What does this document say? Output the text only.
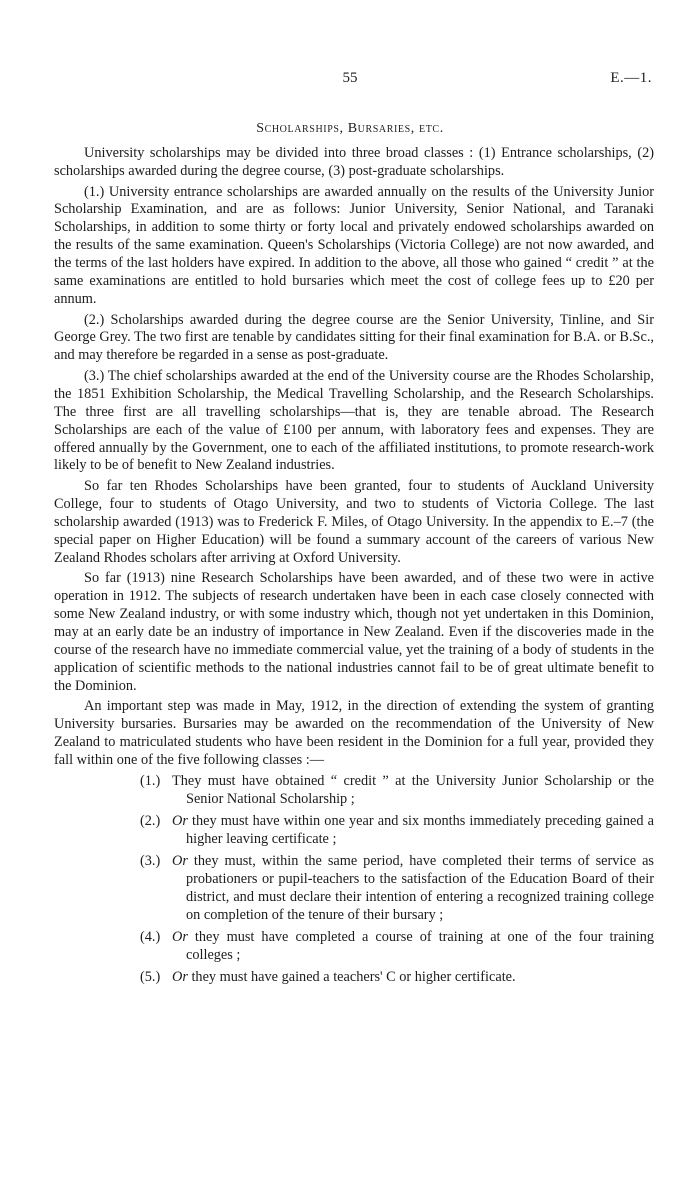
55	E.—1.
Scholarships, Bursaries, etc.

University scholarships may be divided into three broad classes : (1) Entrance scholarships, (2) scholarships awarded during the degree course, (3) post-graduate scholarships.

(1.) University entrance scholarships are awarded annually on the results of the University Junior Scholarship Examination, and are as follows: Junior University, Senior National, and Taranaki Scholarships, in addition to some thirty or forty local and privately endowed scholarships awarded on the results of the same examination. Queen's Scholarships (Victoria College) are not now awarded, and the terms of the last holders have expired. In addition to the above, all those who gained “ credit ” at the same examinations are entitled to hold bursaries which meet the cost of college fees up to £20 per annum.

(2.) Scholarships awarded during the degree course are the Senior University, Tinline, and Sir George Grey. The two first are tenable by candidates sitting for their final examination for B.A. or B.Sc., and may therefore be regarded in a sense as post-graduate.

(3.) The chief scholarships awarded at the end of the University course are the Rhodes Scholarship, the 1851 Exhibition Scholarship, the Medical Travelling Scholarship, and the Research Scholarships. The three first are all travelling scholarships—that is, they are tenable abroad. The Research Scholarships are each of the value of £100 per annum, with laboratory fees and expenses. They are offered annually by the Government, one to each of the affiliated institutions, to promote research-work likely to be of benefit to New Zealand industries.

So far ten Rhodes Scholarships have been granted, four to students of Auckland University College, four to students of Otago University, and two to students of Victoria College. The last scholarship awarded (1913) was to Frederick F. Miles, of Otago University. In the appendix to E.–7 (the special paper on Higher Education) will be found a summary account of the careers of various New Zealand Rhodes scholars after arriving at Oxford University.

So far (1913) nine Research Scholarships have been awarded, and of these two were in active operation in 1912. The subjects of research undertaken have been in each case closely connected with some New Zealand industry, or with some industry which, though not yet undertaken in this Dominion, may at an early date be an industry of importance in New Zealand. Even if the discoveries made in the course of the research have no immediate commercial value, yet the training of a body of students in the application of scientific methods to the national industries cannot fail to be of great ultimate benefit to the Dominion.

An important step was made in May, 1912, in the direction of extending the system of granting University bursaries. Bursaries may be awarded on the recommendation of the University of New Zealand to matriculated students who have been resident in the Dominion for a full year, provided they fall within one of the five following classes :—

(1.) They must have obtained “ credit ” at the University Junior Scholarship or the Senior National Scholarship ;
(2.) Or they must have within one year and six months immediately preceding gained a higher leaving certificate ;
(3.) Or they must, within the same period, have completed their terms of service as probationers or pupil-teachers to the satisfaction of the Education Board of their district, and must declare their intention of entering a recognized training college on completion of the tenure of their bursary ;
(4.) Or they must have completed a course of training at one of the four training colleges ;
(5.) Or they must have gained a teachers' C or higher certificate.
